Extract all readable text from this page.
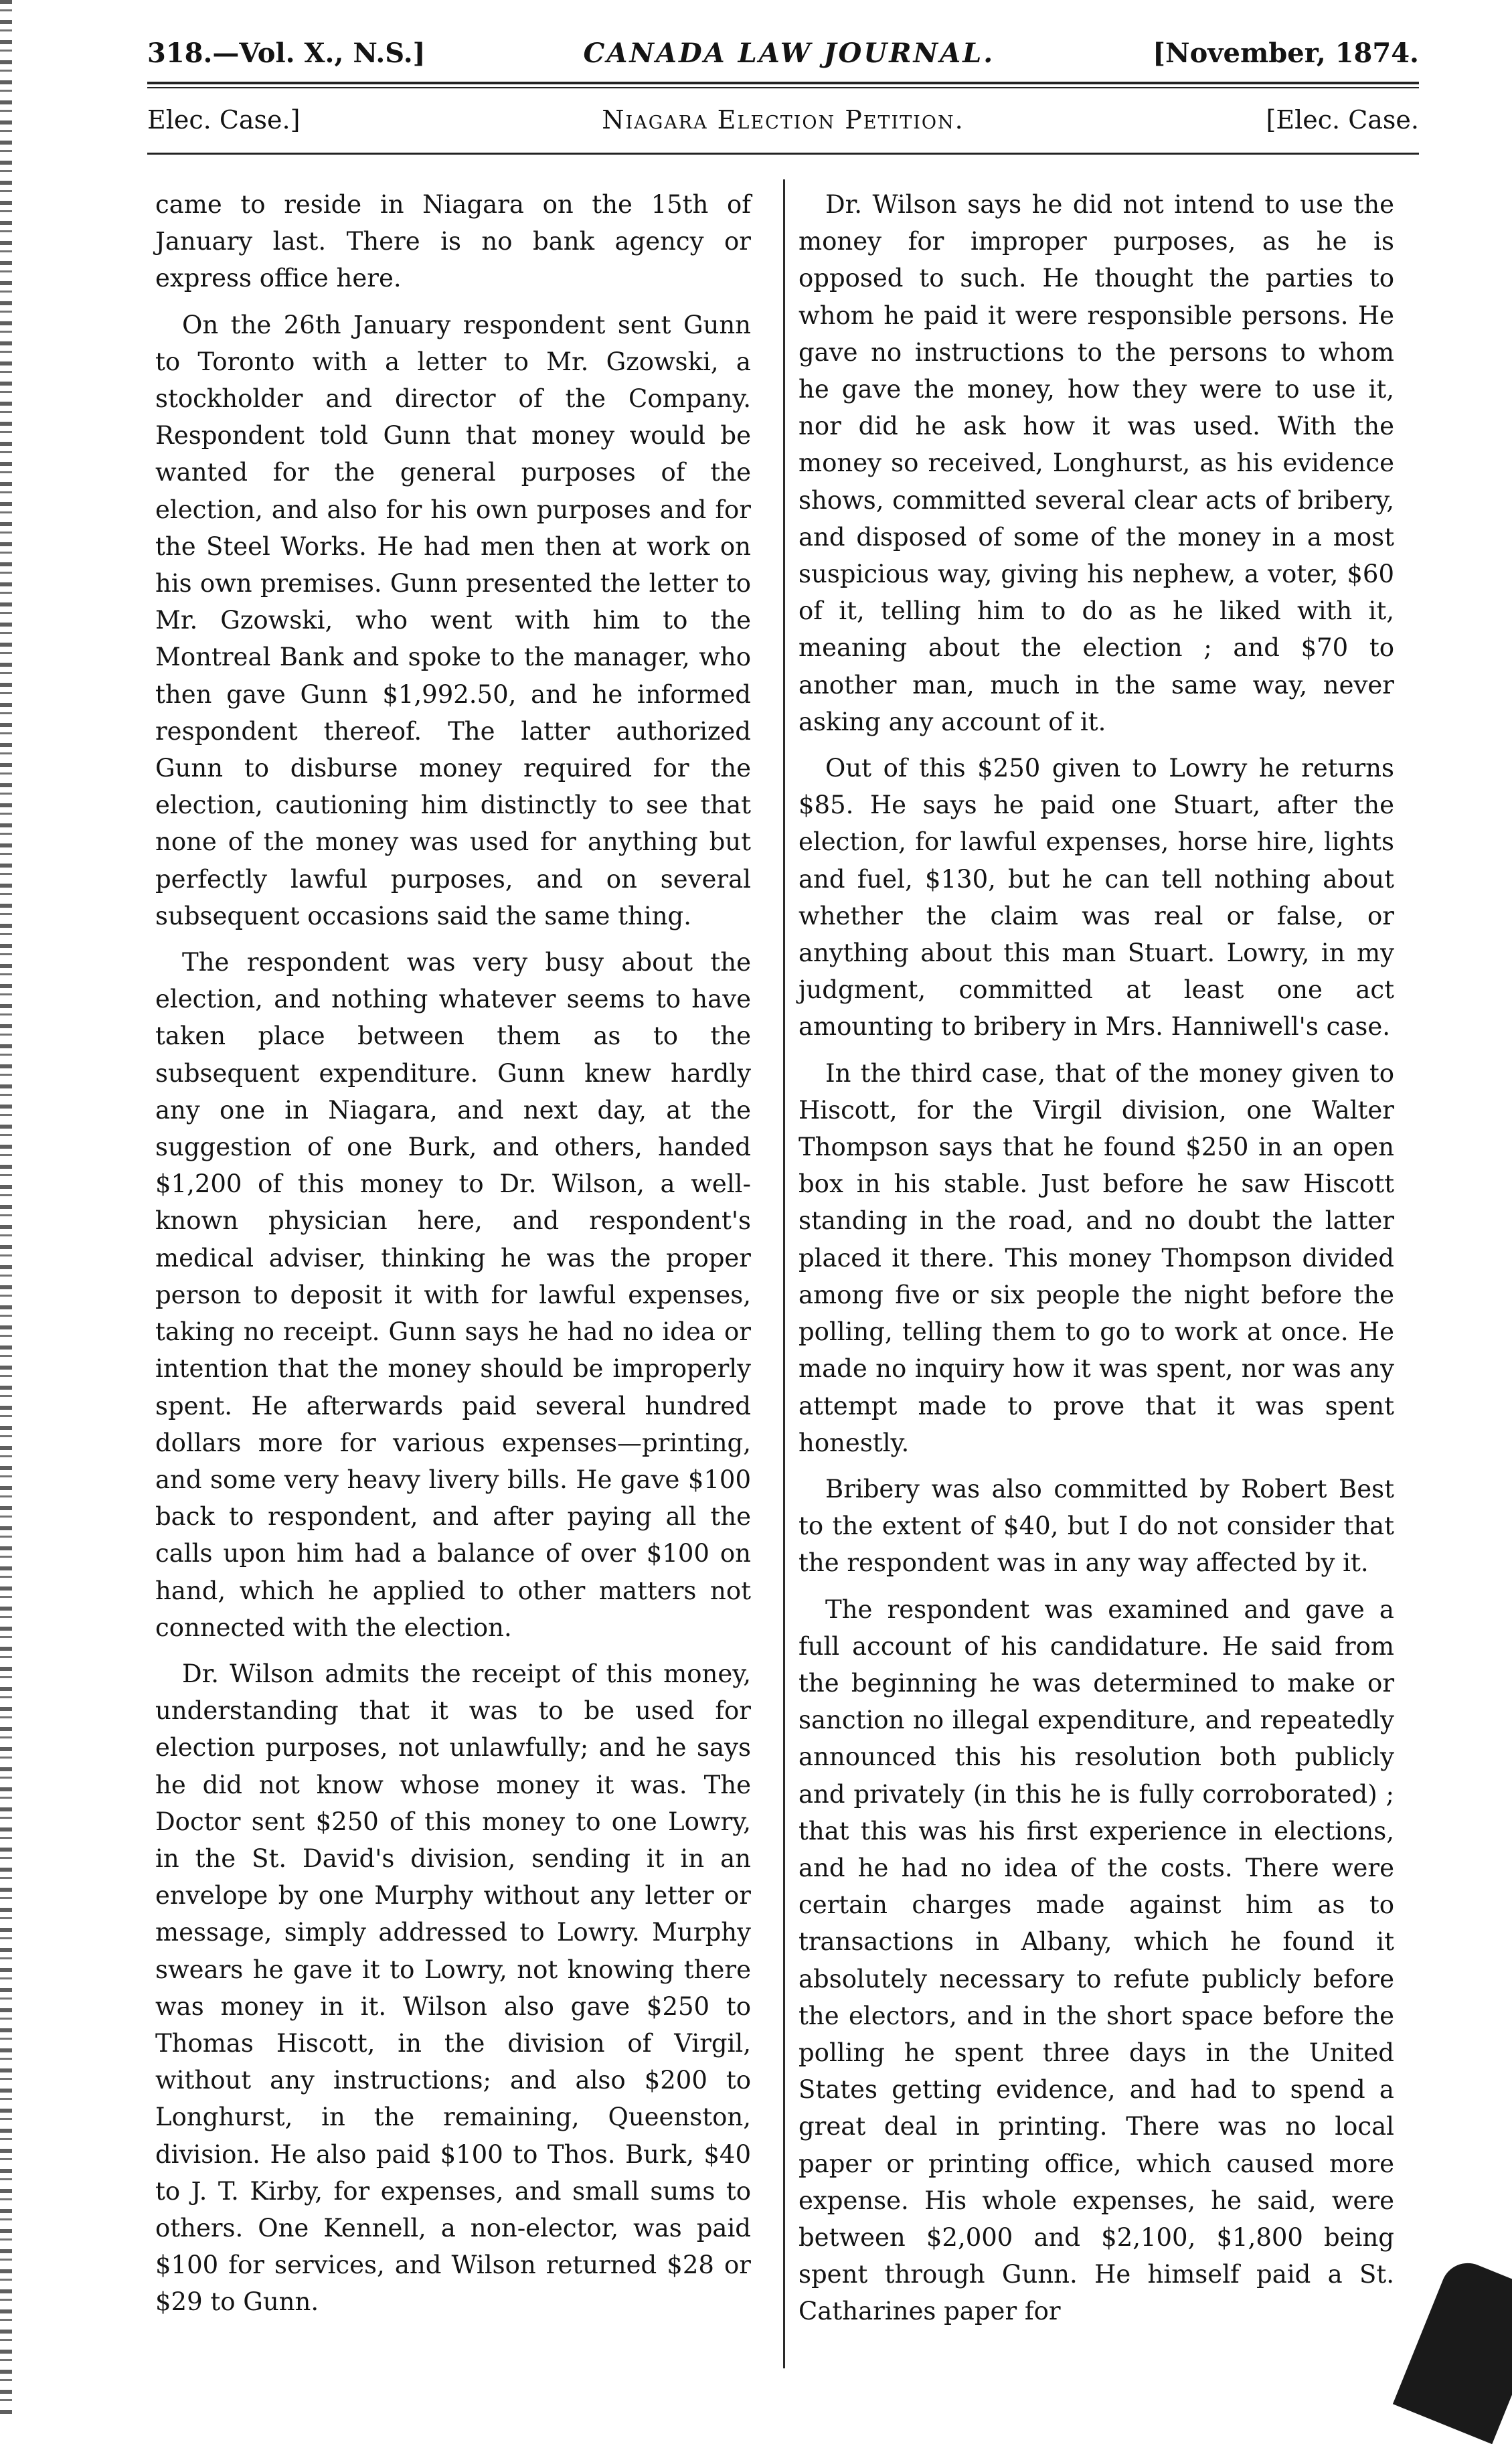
318.—Vol. X., N.S.]	CANADA LAW JOURNAL.	[November, 1874.
Elec. Case.]	Niagara Election Petition.	[Elec. Case.

came to reside in Niagara on the 15th of January last. There is no bank agency or express office here.

On the 26th January respondent sent Gunn to Toronto with a letter to Mr. Gzowski, a stockholder and director of the Company. Respondent told Gunn that money would be wanted for the general purposes of the election, and also for his own purposes and for the Steel Works. He had men then at work on his own premises. Gunn presented the letter to Mr. Gzowski, who went with him to the Montreal Bank and spoke to the manager, who then gave Gunn $1,992.50, and he informed respondent thereof. The latter authorized Gunn to disburse money required for the election, cautioning him distinctly to see that none of the money was used for anything but perfectly lawful purposes, and on several subsequent occasions said the same thing.

The respondent was very busy about the election, and nothing whatever seems to have taken place between them as to the subsequent expenditure. Gunn knew hardly any one in Niagara, and next day, at the suggestion of one Burk, and others, handed $1,200 of this money to Dr. Wilson, a well-known physician here, and respondent's medical adviser, thinking he was the proper person to deposit it with for lawful expenses, taking no receipt. Gunn says he had no idea or intention that the money should be improperly spent. He afterwards paid several hundred dollars more for various expenses—printing, and some very heavy livery bills. He gave $100 back to respondent, and after paying all the calls upon him had a balance of over $100 on hand, which he applied to other matters not connected with the election.

Dr. Wilson admits the receipt of this money, understanding that it was to be used for election purposes, not unlawfully; and he says he did not know whose money it was. The Doctor sent $250 of this money to one Lowry, in the St. David's division, sending it in an envelope by one Murphy without any letter or message, simply addressed to Lowry. Murphy swears he gave it to Lowry, not knowing there was money in it. Wilson also gave $250 to Thomas Hiscott, in the division of Virgil, without any instructions; and also $200 to Longhurst, in the remaining, Queenston, division. He also paid $100 to Thos. Burk, $40 to J. T. Kirby, for expenses, and small sums to others. One Kennell, a non-elector, was paid $100 for services, and Wilson returned $28 or $29 to Gunn.

Dr. Wilson says he did not intend to use the money for improper purposes, as he is opposed to such. He thought the parties to whom he paid it were responsible persons. He gave no instructions to the persons to whom he gave the money, how they were to use it, nor did he ask how it was used. With the money so received, Longhurst, as his evidence shows, committed several clear acts of bribery, and disposed of some of the money in a most suspicious way, giving his nephew, a voter, $60 of it, telling him to do as he liked with it, meaning about the election ; and $70 to another man, much in the same way, never asking any account of it.

Out of this $250 given to Lowry he returns $85. He says he paid one Stuart, after the election, for lawful expenses, horse hire, lights and fuel, $130, but he can tell nothing about whether the claim was real or false, or anything about this man Stuart. Lowry, in my judgment, committed at least one act amounting to bribery in Mrs. Hanniwell's case.

In the third case, that of the money given to Hiscott, for the Virgil division, one Walter Thompson says that he found $250 in an open box in his stable. Just before he saw Hiscott standing in the road, and no doubt the latter placed it there. This money Thompson divided among five or six people the night before the polling, telling them to go to work at once. He made no inquiry how it was spent, nor was any attempt made to prove that it was spent honestly.

Bribery was also committed by Robert Best to the extent of $40, but I do not consider that the respondent was in any way affected by it.

The respondent was examined and gave a full account of his candidature. He said from the beginning he was determined to make or sanction no illegal expenditure, and repeatedly announced this his resolution both publicly and privately (in this he is fully corroborated) ; that this was his first experience in elections, and he had no idea of the costs. There were certain charges made against him as to transactions in Albany, which he found it absolutely necessary to refute publicly before the electors, and in the short space before the polling he spent three days in the United States getting evidence, and had to spend a great deal in printing. There was no local paper or printing office, which caused more expense. His whole expenses, he said, were between $2,000 and $2,100, $1,800 being spent through Gunn. He himself paid a St. Catharines paper for
